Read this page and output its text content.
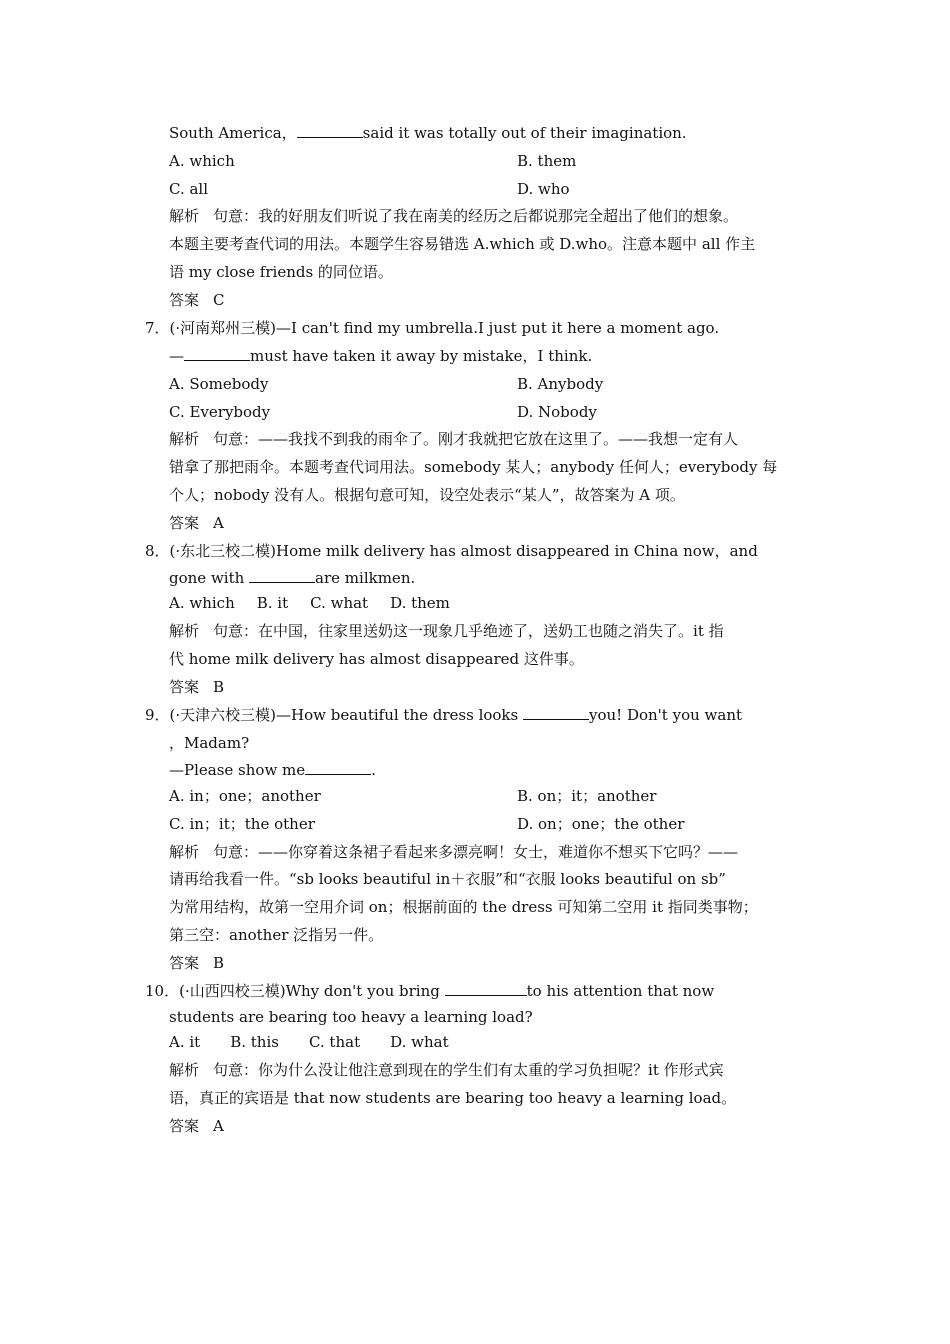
South America，	said it was totally out of their imagination.

A. which	B. them

C. all	D. who

解析 句意：我的好朋友们听说了我在南美的经历之后都说那完全超出了他们的想象。

本题主要考查代词的用法。本题学生容易错选 A.which 或 D.who。注意本题中 all 作主

语 my close friends 的同位语。

答案 C

7．(·河南郑州三模)—I can't find my umbrella.I just put it here a moment ago.

—	must have taken it away by mistake，I think.

A. Somebody	B. Anybody

C. Everybody	D. Nobody

解析 句意：——我找不到我的雨伞了。刚才我就把它放在这里了。——我想一定有人

错拿了那把雨伞。本题考查代词用法。somebody 某人；anybody 任何人；everybody 每

个人；nobody 没有人。根据句意可知，设空处表示“某人”，故答案为 A 项。

答案 A

8．(·东北三校二模)Home milk delivery has almost disappeared in China now，and

gone with	are milkmen.

A. which B. it C. what D. them

解析 句意：在中国，往家里送奶这一现象几乎绝迹了，送奶工也随之消失了。it 指

代 home milk delivery has almost disappeared 这件事。

答案 B

9．(·天津六校三模)—How beautiful the dress looks	you! Don't you want

，Madam?

—Please show me	.

A. in；one；another	B. on；it；another

C. in；it；the other	D. on；one；the other

解析 句意：——你穿着这条裙子看起来多漂亮啊！女士，难道你不想买下它吗？——

请再给我看一件。“sb looks beautiful in＋衣服”和“衣服 looks beautiful on sb”

为常用结构，故第一空用介词 on；根据前面的 the dress 可知第二空用 it 指同类事物；

第三空：another 泛指另一件。

答案 B

10．(·山西四校三模)Why don't you bring	to his attention that now

students are bearing too heavy a learning load?

A. it B. this C. that D. what

解析 句意：你为什么没让他注意到现在的学生们有太重的学习负担呢？it 作形式宾

语，真正的宾语是 that now students are bearing too heavy a learning load。

答案 A
